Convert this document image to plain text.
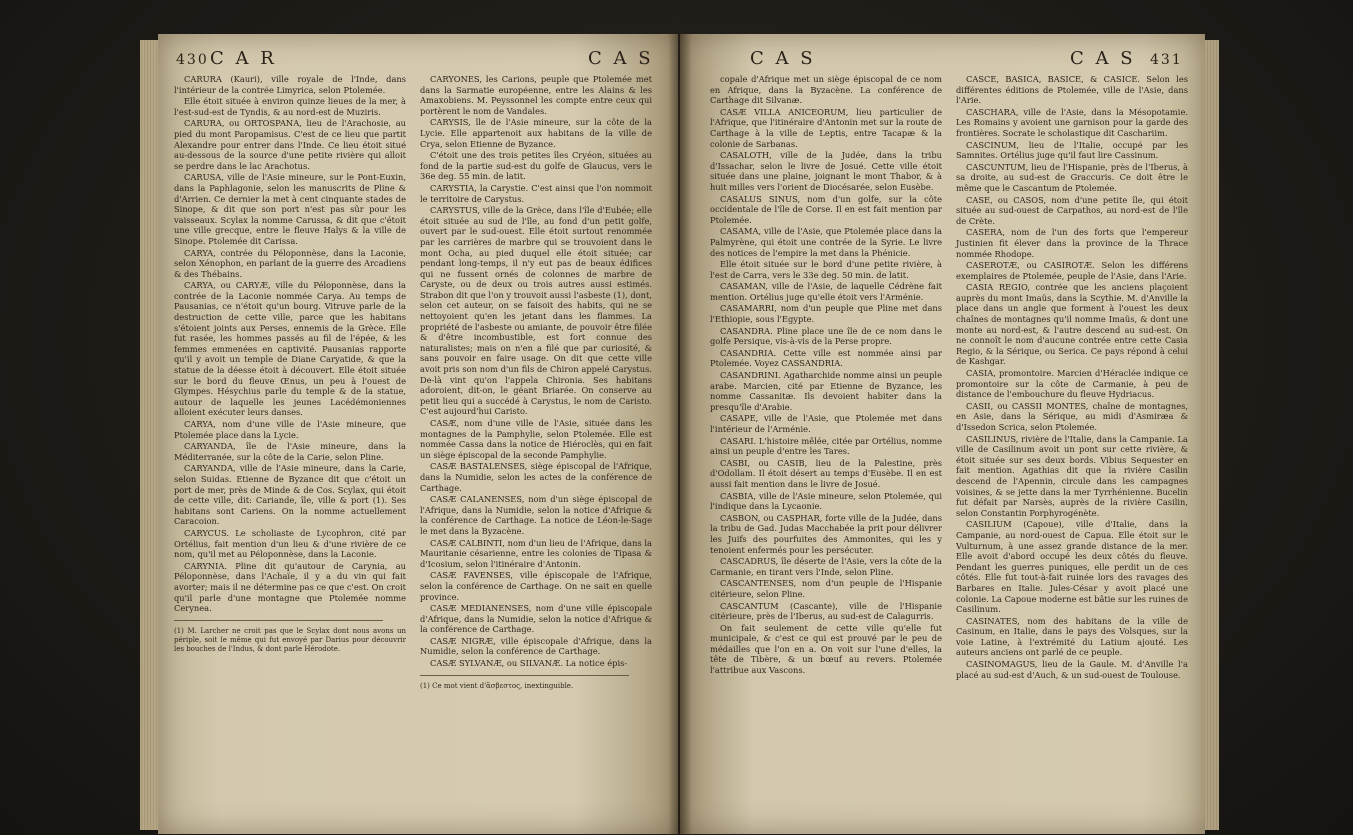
430 C A R	C A S

CARURA (Kauri), ville royale de l'Inde, dans l'intérieur de la contrée Limyrica, selon Ptolemée.

Elle étoit située à environ quinze lieues de la mer, à l'est-sud-est de Tyndis, & au nord-est de Muziris.

CARURA, ou ORTOSPANA, lieu de l'Arachosie, au pied du mont Paropamisus. C'est de ce lieu que partit Alexandre pour entrer dans l'Inde. Ce lieu étoit situé au-dessous de la source d'une petite rivière qui alloit se perdre dans le lac Arachotus.

CARUSA, ville de l'Asie mineure, sur le Pont-Euxin, dans la Paphlagonie, selon les manuscrits de Pline & d'Arrien. Ce dernier la met à cent cinquante stades de Sinope, & dit que son port n'est pas sûr pour les vaisseaux. Scylax la nomme Carussa, & dit que c'étoit une ville grecque, entre le fleuve Halys & la ville de Sinope. Ptolemée dit Carissa.

CARYA, contrée du Péloponnèse, dans la Laconie, selon Xénophon, en parlant de la guerre des Arcadiens & des Thébains.

CARYA, ou CARYÆ, ville du Péloponnèse, dans la contrée de la Laconie nommée Carya. Au temps de Pausanias, ce n'étoit qu'un bourg. Vitruve parle de la destruction de cette ville, parce que les habitans s'étoient joints aux Perses, ennemis de la Grèce. Elle fut rasée, les hommes passés au fil de l'épée, & les femmes emmenées en captivité. Pausanias rapporte qu'il y avoit un temple de Diane Caryatide, & que la statue de la déesse étoit à découvert. Elle étoit située sur le bord du fleuve Œnus, un peu à l'ouest de Glympes. Hésychius parle du temple & de la statue, autour de laquelle les jeunes Lacédémoniennes alloient exécuter leurs danses.

CARYA, nom d'une ville de l'Asie mineure, que Ptolemée place dans la Lycie.

CARYANDA, île de l'Asie mineure, dans la Méditerranée, sur la côte de la Carie, selon Pline.

CARYANDA, ville de l'Asie mineure, dans la Carie, selon Suidas. Etienne de Byzance dit que c'étoit un port de mer, près de Minde & de Cos. Scylax, qui étoit de cette ville, dit: Cariande, île, ville & port (1). Ses habitans sont Cariens. On la nomme actuellement Caracoion.

CARYCUS. Le scholiaste de Lycophron, cité par Ortélius, fait mention d'un lieu & d'une rivière de ce nom, qu'il met au Péloponnèse, dans la Laconie.

CARYNIA. Pline dit qu'autour de Carynia, au Péloponnèse, dans l'Achaïe, il y a du vin qui fait avorter; mais il ne détermine pas ce que c'est. On croit qu'il parle d'une montagne que Ptolemée nomme Cerynea.

(1) M. Larcher ne croit pas que le Scylax dont nous avons un périple, soit le même qui fut envoyé par Darius pour découvrir les bouches de l'Indus, & dont parle Hérodote.

CARYONES, les Carions, peuple que Ptolemée met dans la Sarmatie européenne, entre les Alains & les Amaxobiens. M. Peyssonnel les compte entre ceux qui portèrent le nom de Vandales.

CARYSIS, île de l'Asie mineure, sur la côte de la Lycie. Elle appartenoit aux habitans de la ville de Crya, selon Etienne de Byzance.

C'étoit une des trois petites îles Cryéon, situées au fond de la partie sud-est du golfe de Glaucus, vers le 36e deg. 55 min. de latit.

CARYSTIA, la Carystie. C'est ainsi que l'on nommoit le territoire de Carystus.

CARYSTUS, ville de la Grèce, dans l'île d'Eubée; elle étoit située au sud de l'île, au fond d'un petit golfe, ouvert par le sud-ouest. Elle étoit surtout renommée par les carrières de marbre qui se trouvoient dans le mont Ocha, au pied duquel elle étoit située; car pendant long-temps, il n'y eut pas de beaux édifices qui ne fussent ornés de colonnes de marbre de Caryste, ou de deux ou trois autres aussi estimés. Strabon dit que l'on y trouvoit aussi l'asbeste (1), dont, selon cet auteur, on se faisoit des habits, qui ne se nettoyoient qu'en les jetant dans les flammes. La propriété de l'asbeste ou amiante, de pouvoir être filée & d'être incombustible, est fort connue des naturalistes; mais on n'en a filé que par curiosité, & sans pouvoir en faire usage. On dit que cette ville avoit pris son nom d'un fils de Chiron appelé Carystus. De-là vint qu'on l'appela Chironia. Ses habitans adoroient, dit-on, le géant Briarée. On conserve au petit lieu qui a succédé à Carystus, le nom de Caristo. C'est aujourd'hui Caristo.

CASÆ, nom d'une ville de l'Asie, située dans les montagnes de la Pamphylie, selon Ptolemée. Elle est nommée Cassa dans la notice de Hiéroclès, qui en fait un siège épiscopal de la seconde Pamphylie.

CASÆ BASTALENSES, siège épiscopal de l'Afrique, dans la Numidie, selon les actes de la conférence de Carthage.

CASÆ CALANENSES, nom d'un siège épiscopal de l'Afrique, dans la Numidie, selon la notice d'Afrique & la conférence de Carthage. La notice de Léon-le-Sage le met dans la Byzacène.

CASÆ CALBINTI, nom d'un lieu de l'Afrique, dans la Mauritanie césarienne, entre les colonies de Tipasa & d'Icosium, selon l'itinéraire d'Antonin.

CASÆ FAVENSES, ville épiscopale de l'Afrique, selon la conférence de Carthage. On ne sait en quelle province.

CASÆ MEDIANENSES, nom d'une ville épiscopale d'Afrique, dans la Numidie, selon la notice d'Afrique & la conférence de Carthage.

CASÆ NIGRÆ, ville épiscopale d'Afrique, dans la Numidie, selon la conférence de Carthage.

CASÆ SYLVANÆ, ou SILVANÆ. La notice épis-

(1) Ce mot vient d'ἄσβεστος, inextinguible.

C A S	C A S 431

copale d'Afrique met un siège épiscopal de ce nom en Afrique, dans la Byzacène. La conférence de Carthage dit Silvanæ.

CASÆ VILLA ANICEORUM, lieu particulier de l'Afrique, que l'itinéraire d'Antonin met sur la route de Carthage à la ville de Leptis, entre Tacapæ & la colonie de Sarbanas.

CASALOTH, ville de la Judée, dans la tribu d'Issachar, selon le livre de Josué. Cette ville étoit située dans une plaine, joignant le mont Thabor, & à huit milles vers l'orient de Diocésarée, selon Eusèbe.

CASALUS SINUS, nom d'un golfe, sur la côte occidentale de l'île de Corse. Il en est fait mention par Ptolemée.

CASAMA, ville de l'Asie, que Ptolemée place dans la Palmyrène, qui étoit une contrée de la Syrie. Le livre des notices de l'empire la met dans la Phénicie.

Elle étoit située sur le bord d'une petite rivière, à l'est de Carra, vers le 33e deg. 50 min. de latit.

CASAMAN, ville de l'Asie, de laquelle Cédrène fait mention. Ortélius juge qu'elle étoit vers l'Arménie.

CASAMARRI, nom d'un peuple que Pline met dans l'Ethiopie, sous l'Egypte.

CASANDRA. Pline place une île de ce nom dans le golfe Persique, vis-à-vis de la Perse propre.

CASANDRIA. Cette ville est nommée ainsi par Ptolemée. Voyez CASSANDRIA.

CASANDRINI. Agatharchide nomme ainsi un peuple arabe. Marcien, cité par Etienne de Byzance, les nomme Cassanitæ. Ils devoient habiter dans la presqu'île d'Arabie.

CASAPE, ville de l'Asie, que Ptolemée met dans l'intérieur de l'Arménie.

CASARI. L'histoire mêlée, citée par Ortélius, nomme ainsi un peuple d'entre les Tares.

CASBI, ou CASIB, lieu de la Palestine, près d'Odollam. Il étoit désert au temps d'Eusèbe. Il en est aussi fait mention dans le livre de Josué.

CASBIA, ville de l'Asie mineure, selon Ptolemée, qui l'indique dans la Lycaonie.

CASBON, ou CASPHAR, forte ville de la Judée, dans la tribu de Gad. Judas Macchabée la prit pour délivrer les Juifs des pourfuites des Ammonites, qui les y tenoient enfermés pour les persécuter.

CASCADRUS, île déserte de l'Asie, vers la côte de la Carmanie, en tirant vers l'Inde, selon Pline.

CASCANTENSES, nom d'un peuple de l'Hispanie citérieure, selon Pline.

CASCANTUM (Cascante), ville de l'Hispanie citérieure, près de l'Iberus, au sud-est de Calagurris.

On fait seulement de cette ville qu'elle fut municipale, & c'est ce qui est prouvé par le peu de médailles que l'on en a. On voit sur l'une d'elles, la tête de Tibère, & un bœuf au revers. Ptolemée l'attribue aux Vascons.

CASCE, BASICA, BASICE, & CASICE. Selon les différentes éditions de Ptolemée, ville de l'Asie, dans l'Arie.

CASCHARA, ville de l'Asie, dans la Mésopotamie. Les Romains y avoient une garnison pour la garde des frontières. Socrate le scholastique dit Caschariim.

CASCINUM, lieu de l'Italie, occupé par les Samnites. Ortélius juge qu'il faut lire Cassinum.

CASCUNTUM, lieu de l'Hispanie, près de l'Iberus, à sa droite, au sud-est de Graccuris. Ce doit être le même que le Cascantum de Ptolemée.

CASE, ou CASOS, nom d'une petite île, qui étoit située au sud-ouest de Carpathos, au nord-est de l'île de Crète.

CASERA, nom de l'un des forts que l'empereur Justinien fit élever dans la province de la Thrace nommée Rhodope.

CASEROTÆ, ou CASIROTÆ. Selon les différens exemplaires de Ptolemée, peuple de l'Asie, dans l'Arie.

CASIA REGIO, contrée que les anciens plaçoient auprès du mont Imaüs, dans la Scythie. M. d'Anville la place dans un angle que forment à l'ouest les deux chaînes de montagnes qu'il nomme Imaüs, & dont une monte au nord-est, & l'autre descend au sud-est. On ne connoît le nom d'aucune contrée entre cette Casia Regio, & la Sérique, ou Serica. Ce pays répond à celui de Kashgar.

CASIA, promontoire. Marcien d'Héraclée indique ce promontoire sur la côte de Carmanie, à peu de distance de l'embouchure du fleuve Hydriacus.

CASII, ou CASSII MONTES, chaîne de montagnes, en Asie, dans la Sérique, au midi d'Asmiræa & d'Issedon Scrica, selon Ptolemée.

CASILINUS, rivière de l'Italie, dans la Campanie. La ville de Casilinum avoit un pont sur cette rivière, & étoit située sur ses deux bords. Vibius Sequester en fait mention. Agathias dit que la rivière Casilin descend de l'Apennin, circule dans les campagnes voisines, & se jette dans la mer Tyrrhénienne. Bucelin fut défait par Narsès, auprès de la rivière Casilin, selon Constantin Porphyrogénète.

CASILIUM (Capoue), ville d'Italie, dans la Campanie, au nord-ouest de Capua. Elle étoit sur le Vulturnum, à une assez grande distance de la mer. Elle avoit d'abord occupé les deux côtés du fleuve. Pendant les guerres puniques, elle perdit un de ces côtés. Elle fut tout-à-fait ruinée lors des ravages des Barbares en Italie. Jules-César y avoit placé une colonie. La Capoue moderne est bâtie sur les ruines de Casilinum.

CASINATES, nom des habitans de la ville de Casinum, en Italie, dans le pays des Volsques, sur la voie Latine, à l'extrémité du Latium ajouté. Les auteurs anciens ont parlé de ce peuple.

CASINOMAGUS, lieu de la Gaule. M. d'Anville l'a placé au sud-est d'Auch, & un sud-ouest de Toulouse.
